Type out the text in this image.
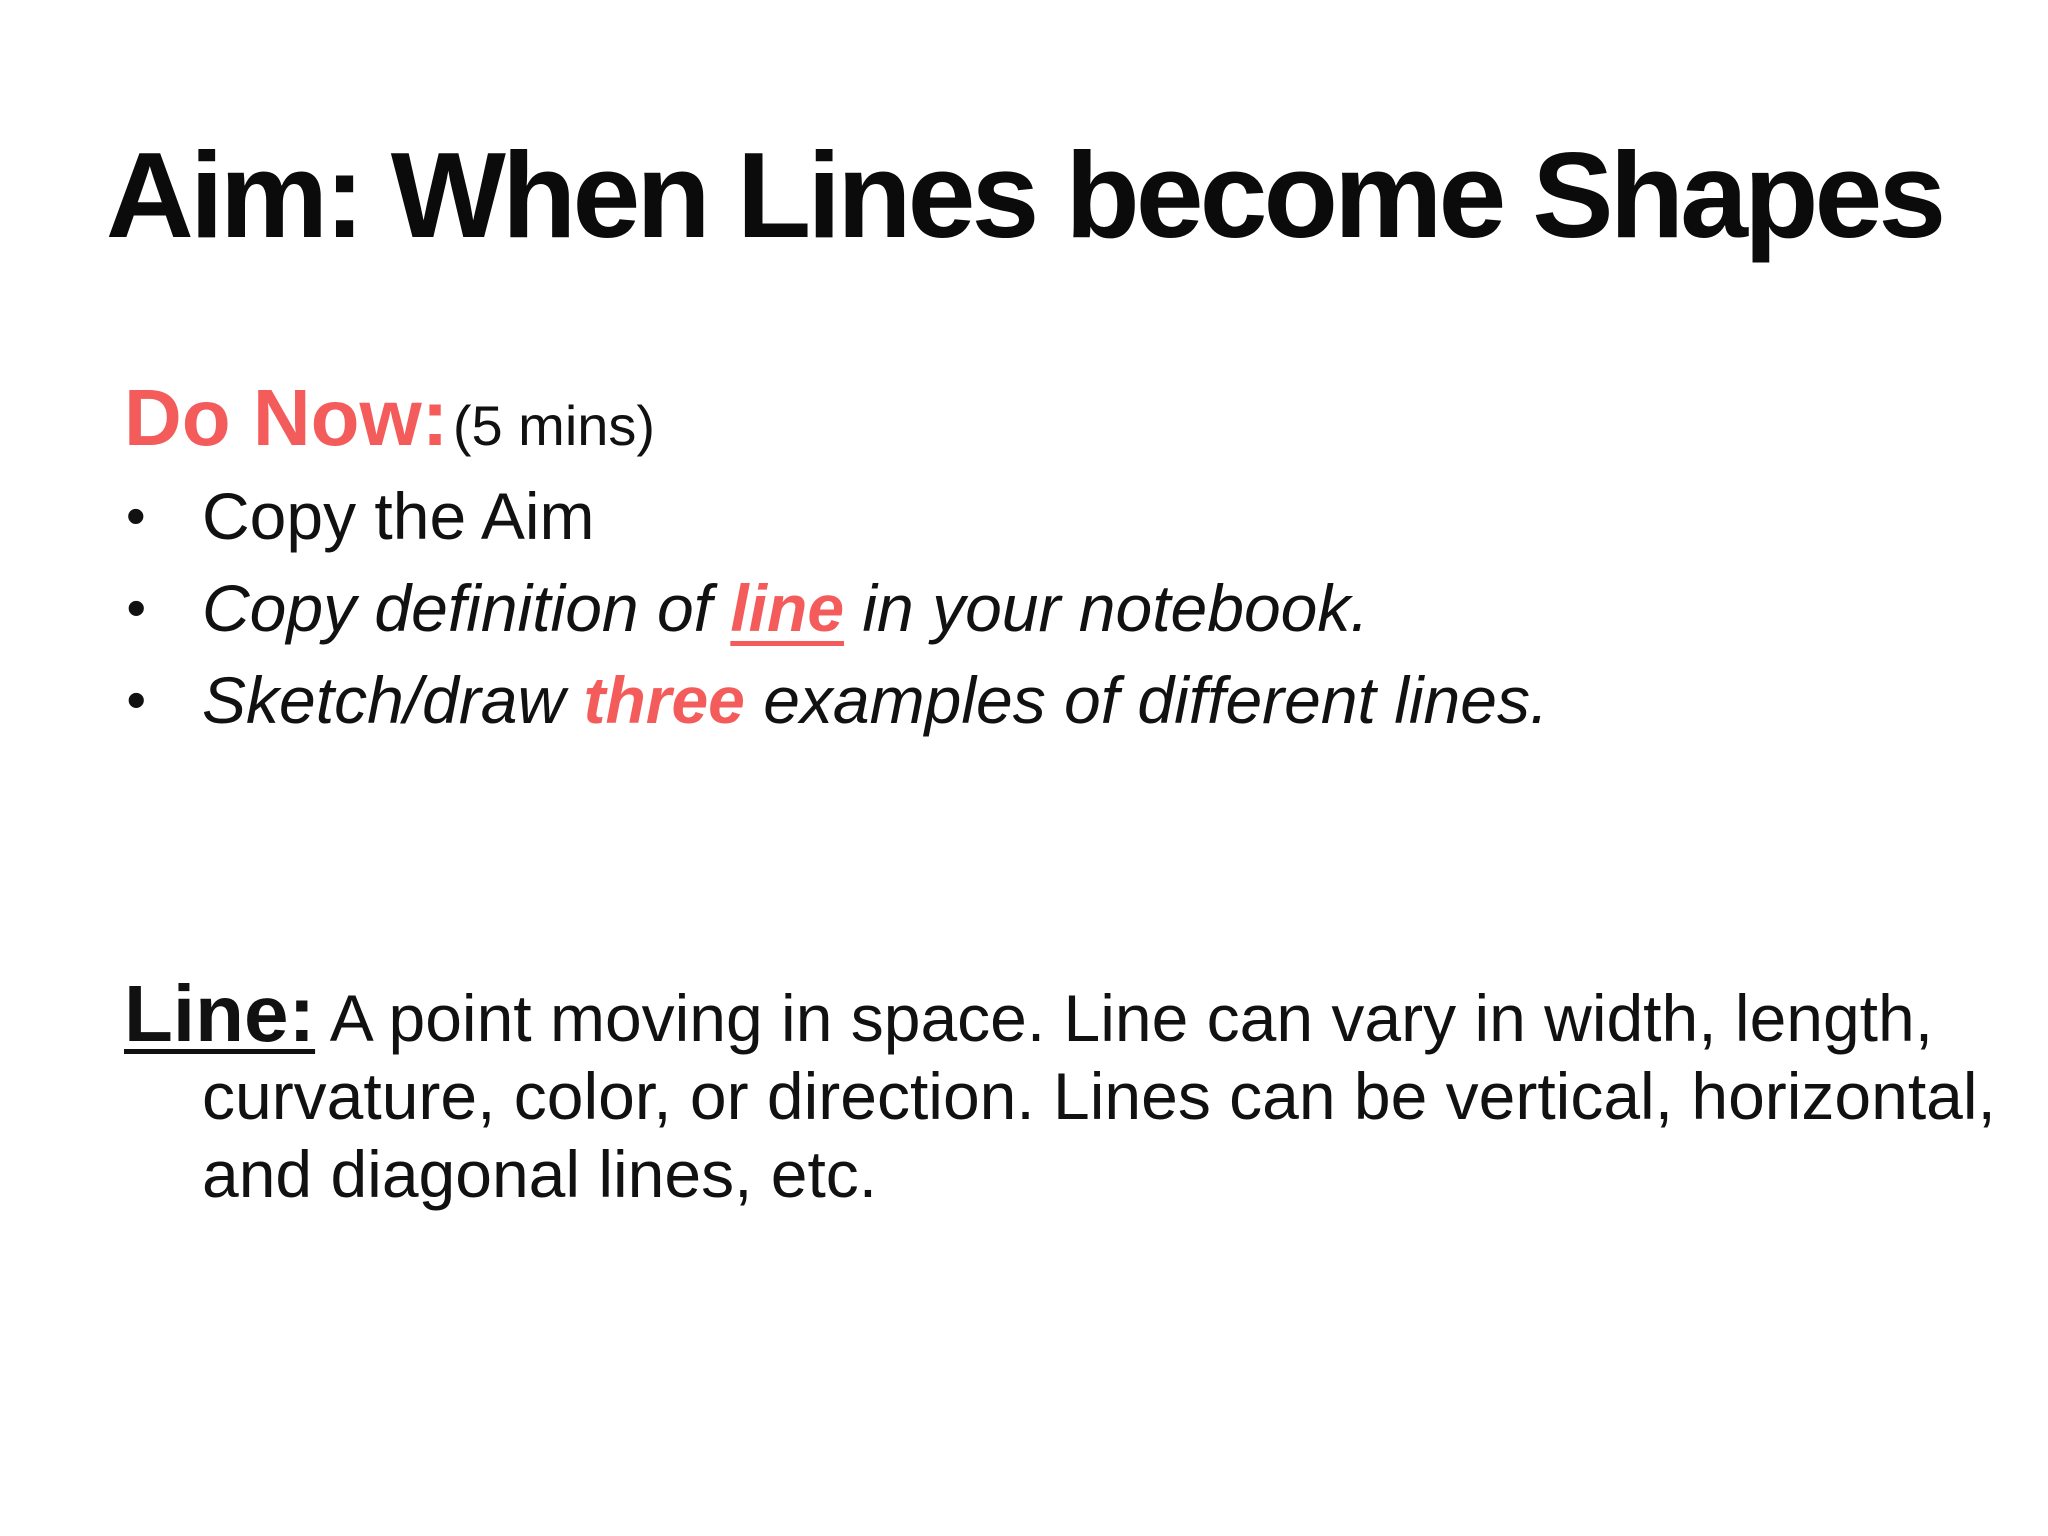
Aim: When Lines become Shapes
Do Now: (5 mins)
• Copy the Aim
• Copy definition of line in your notebook.
• Sketch/draw three examples of different lines.

Line: A point moving in space. Line can vary in width, length, curvature, color, or direction. Lines can be vertical, horizontal, and diagonal lines, etc.
